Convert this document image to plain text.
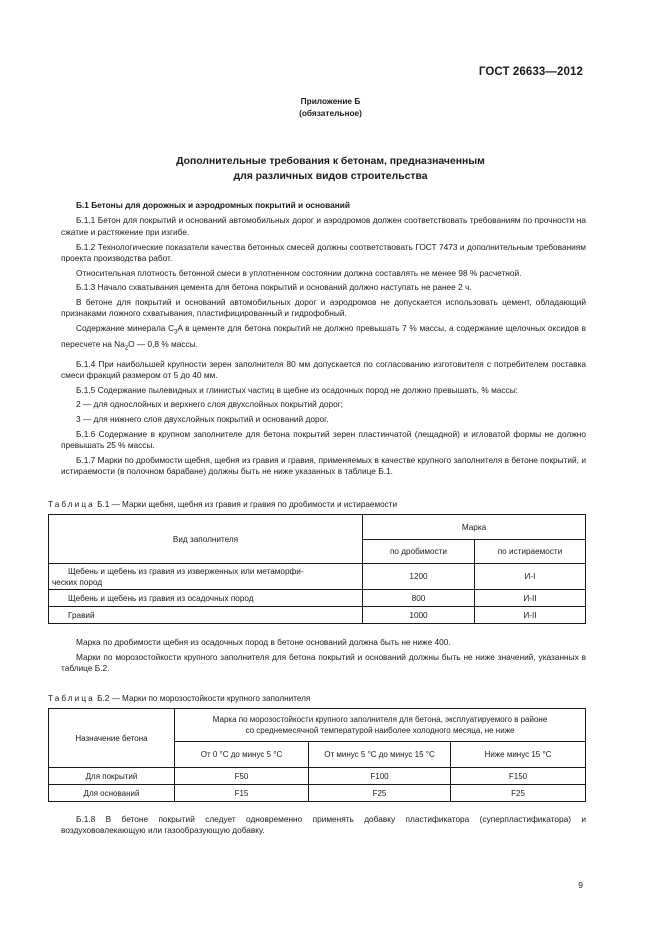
ГОСТ 26633—2012
Приложение Б
(обязательное)
Дополнительные требования к бетонам, предназначенным
для различных видов строительства

Б.1 Бетоны для дорожных и аэродромных покрытий и оснований

Б.1.1 Бетон для покрытий и оснований автомобильных дорог и аэродромов должен соответствовать требованиям по прочности на сжатие и растяжение при изгибе.

Б.1.2 Технологические показатели качества бетонных смесей должны соответствовать ГОСТ 7473 и дополнительным требованиям проекта производства работ.

Относительная плотность бетонной смеси в уплотненном состоянии должна составлять не менее 98 % расчетной.

Б.1.3 Начало схватывания цемента для бетона покрытий и оснований должно наступать не ранее 2 ч.

В бетоне для покрытий и оснований автомобильных дорог и аэродромов не допускается использовать цемент, обладающий признаками ложного схватывания, пластифицированный и гидрофобный.

Содержание минерала $C_3A$ в цементе для бетона покрытий не должно превышать 7 % массы, а содержание щелочных оксидов в пересчете на $Na_2O$ — 0,8 % массы.

Б.1.4 При наибольшей крупности зерен заполнителя 80 мм допускается по согласованию изготовителя с потребителем поставка смеси фракций размером от 5 до 40 мм.

Б.1.5 Содержание пылевидных и глинистых частиц в щебне из осадочных пород не должно превышать, % массы:

2 — для однослойных и верхнего слоя двухслойных покрытий дорог;

3 — для нижнего слоя двухслойных покрытий и оснований дорог.

Б.1.6 Содержание в крупном заполнителе для бетона покрытий зерен пластинчатой (лещадной) и игловатой формы не должно превышать 25 % массы.

Б.1.7 Марки по дробимости щебня, щебня из гравия и гравия, применяемых в качестве крупного заполнителя в бетоне покрытий, и истираемости (в полочном барабане) должны быть не ниже указанных в таблице Б.1.

Таблица Б.1 — Марки щебня, щебня из гравия и гравия по дробимости и истираемости
Вид заполнителя	Марка	
	по дробимости	по истираемости

Щебень и щебень из гравия из изверженных или метаморфи-
ческих пород	1200	И-I
Щебень и щебень из гравия из осадочных пород	800	И-II
Гравий	1000	И-II

Марка по дробимости щебня из осадочных пород в бетоне оснований должна быть не ниже 400.

Марки по морозостойкости крупного заполнителя для бетона покрытий и оснований должны быть не ниже значений, указанных в таблице Б.2.

Таблица Б.2 — Марки по морозостойкости крупного заполнителя
Назначение бетона	Марка по морозостойкости крупного заполнителя для бетона, эксплуатируемого в районе
со среднемесячной температурой наиболее холодного месяца, не ниже		

	От 0 °С до минус 5 °С	От минус 5 °С до минус 15 °С	Ниже минус 15 °С
Для покрытий	F50	F100	F150
Для оснований	F15	F25	F25

Б.1.8 В бетоне покрытий следует одновременно применять добавку пластификатора (суперпластификатора) и воздухововлекающую или газообразующую добавку.

9
